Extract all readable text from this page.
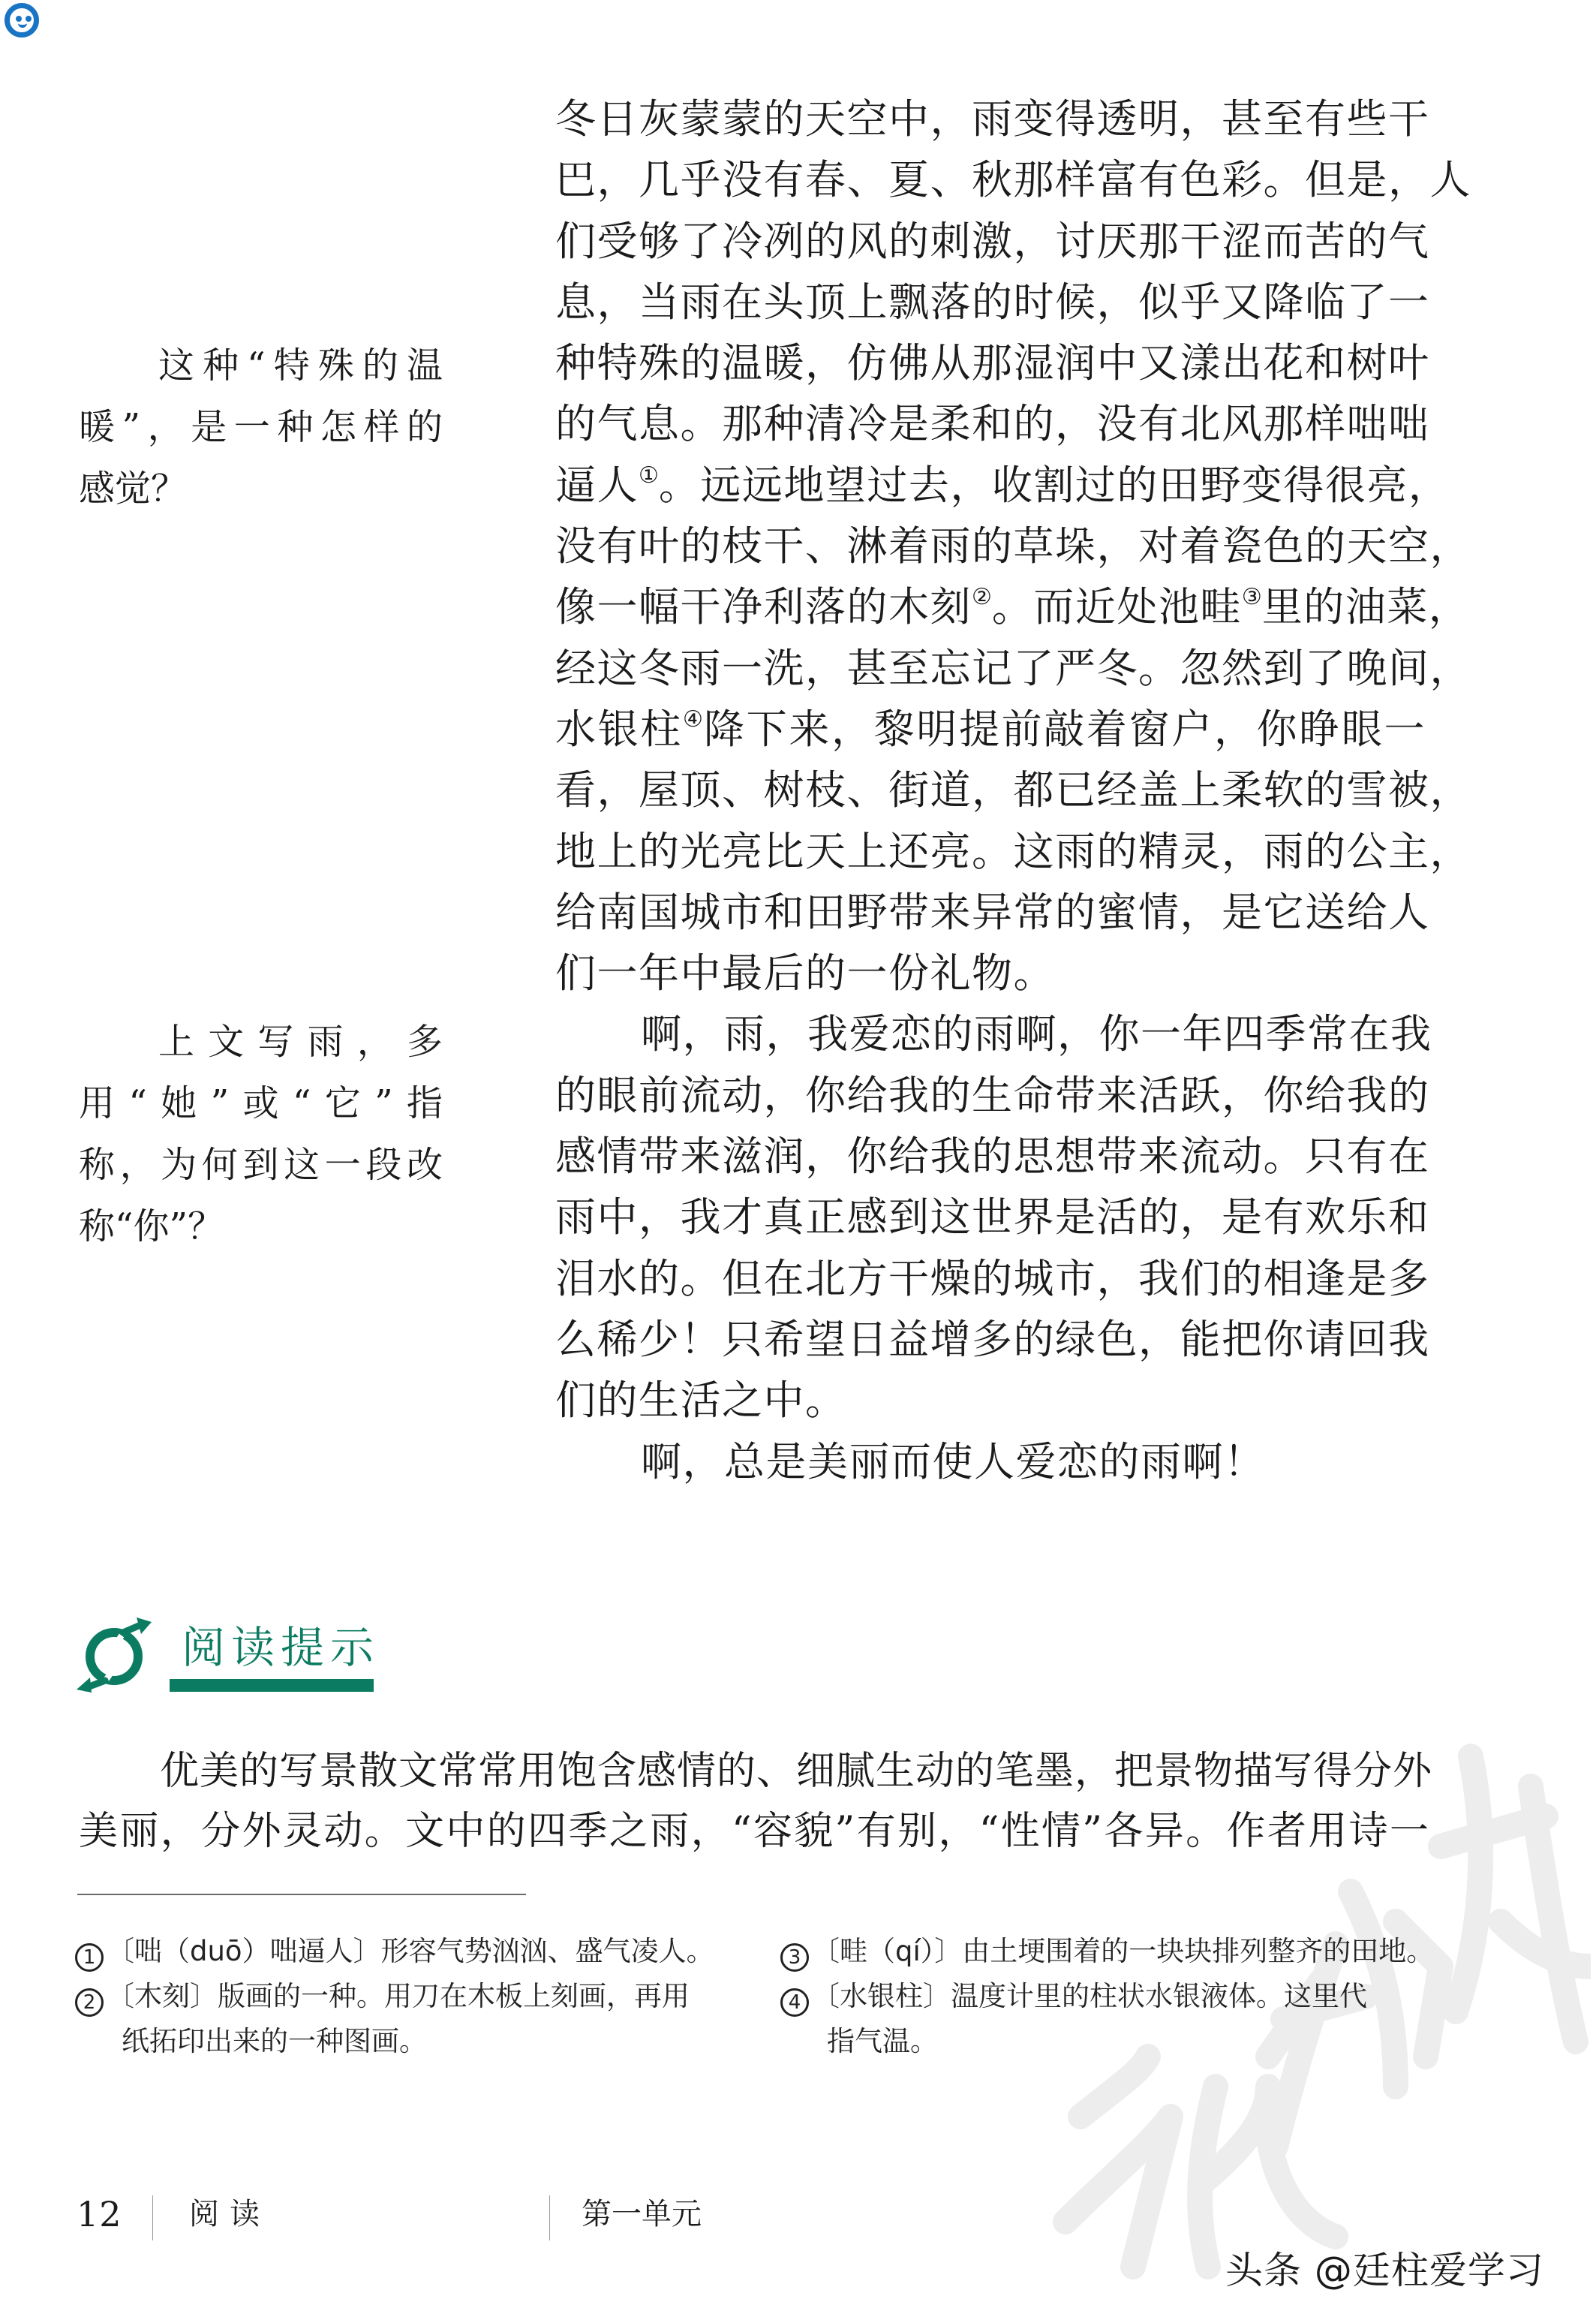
冬日灰蒙蒙的天空中，雨变得透明，甚至有些干
巴，几乎没有春、夏、秋那样富有色彩。但是，人
们受够了冷冽的风的刺激，讨厌那干涩而苦的气
息，当雨在头顶上飘落的时候，似乎又降临了一
种特殊的温暖，仿佛从那湿润中又漾出花和树叶
的气息。那种清冷是柔和的，没有北风那样咄咄
逼人①。远远地望过去，收割过的田野变得很亮，
没有叶的枝干、淋着雨的草垛，对着瓷色的天空，
像一幅干净利落的木刻②。而近处池畦③里的油菜，
经这冬雨一洗，甚至忘记了严冬。忽然到了晚间，
水银柱④降下来，黎明提前敲着窗户，你睁眼一
看，屋顶、树枝、街道，都已经盖上柔软的雪被，
地上的光亮比天上还亮。这雨的精灵，雨的公主，
给南国城市和田野带来异常的蜜情，是它送给人
们一年中最后的一份礼物。
啊，雨，我爱恋的雨啊，你一年四季常在我
的眼前流动，你给我的生命带来活跃，你给我的
感情带来滋润，你给我的思想带来流动。只有在
雨中，我才真正感到这世界是活的，是有欢乐和
泪水的。但在北方干燥的城市，我们的相逢是多
么稀少！只希望日益增多的绿色，能把你请回我
们的生活之中。
啊，总是美丽而使人爱恋的雨啊！
这种“特殊的温
暖”，是一种怎样的
感觉？
上文写雨，多
用“她”或“它”指
称，为何到这一段改
称“你”？
阅读提示
优美的写景散文常常用饱含感情的、细腻生动的笔墨，把景物描写得分外
美丽，分外灵动。文中的四季之雨，“容貌”有别，“性情”各异。作者用诗一
1 〔咄（duō）咄逼人〕形容气势汹汹、盛气凌人。
2 〔木刻〕版画的一种。用刀在木板上刻画，再用
纸拓印出来的一种图画。
3 〔畦（qí）〕由土埂围着的一块块排列整齐的田地。
4 〔水银柱〕温度计里的柱状水银液体。这里代
指气温。
12 阅读	第一单元
头条 @廷柱爱学习
